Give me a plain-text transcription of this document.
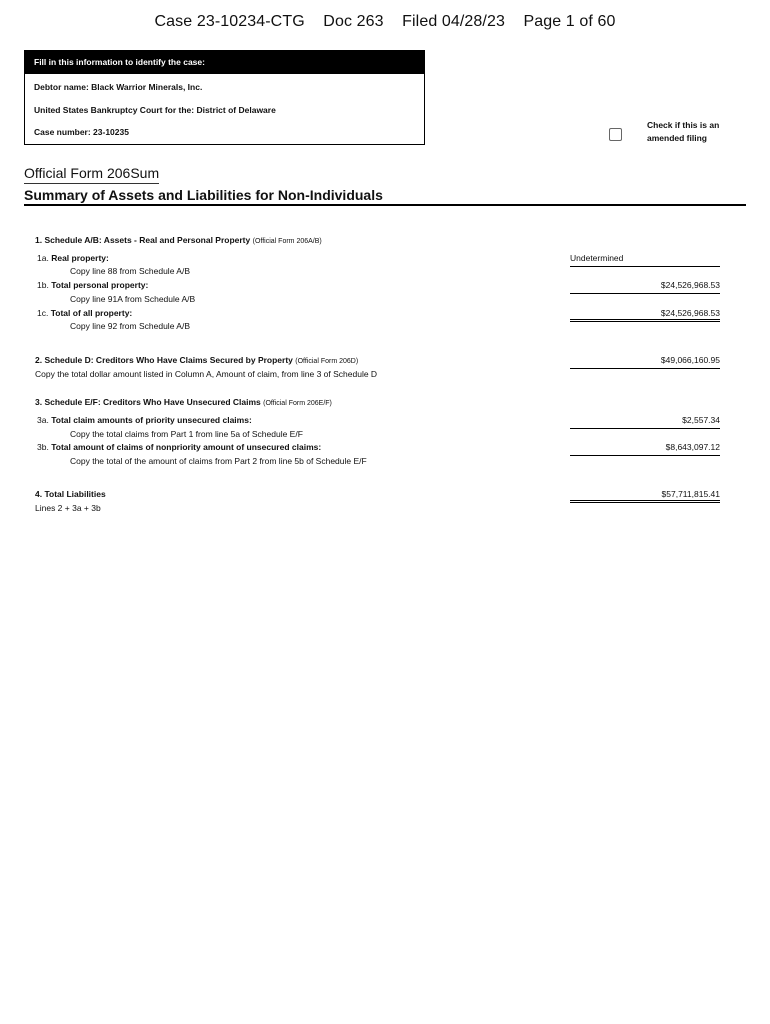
Case 23-10234-CTG Doc 263 Filed 04/28/23 Page 1 of 60
Fill in this information to identify the case:
Debtor name: Black Warrior Minerals, Inc.
United States Bankruptcy Court for the: District of Delaware
Case number: 23-10235
Check if this is an amended filing
Official Form 206Sum
Summary of Assets and Liabilities for Non-Individuals
1. Schedule A/B: Assets - Real and Personal Property (Official Form 206A/B)
1a. Real property:
Copy line 88 from Schedule A/B
Undetermined
1b. Total personal property:
Copy line 91A from Schedule A/B
$24,526,968.53
1c. Total of all property:
Copy line 92 from Schedule A/B
$24,526,968.53
2. Schedule D: Creditors Who Have Claims Secured by Property (Official Form 206D)
Copy the total dollar amount listed in Column A, Amount of claim, from line 3 of Schedule D
$49,066,160.95
3. Schedule E/F: Creditors Who Have Unsecured Claims (Official Form 206E/F)
3a. Total claim amounts of priority unsecured claims:
Copy the total claims from Part 1 from line 5a of Schedule E/F
$2,557.34
3b. Total amount of claims of nonpriority amount of unsecured claims:
Copy the total of the amount of claims from Part 2 from line 5b of Schedule E/F
$8,643,097.12
4. Total Liabilities
Lines 2 + 3a + 3b
$57,711,815.41
